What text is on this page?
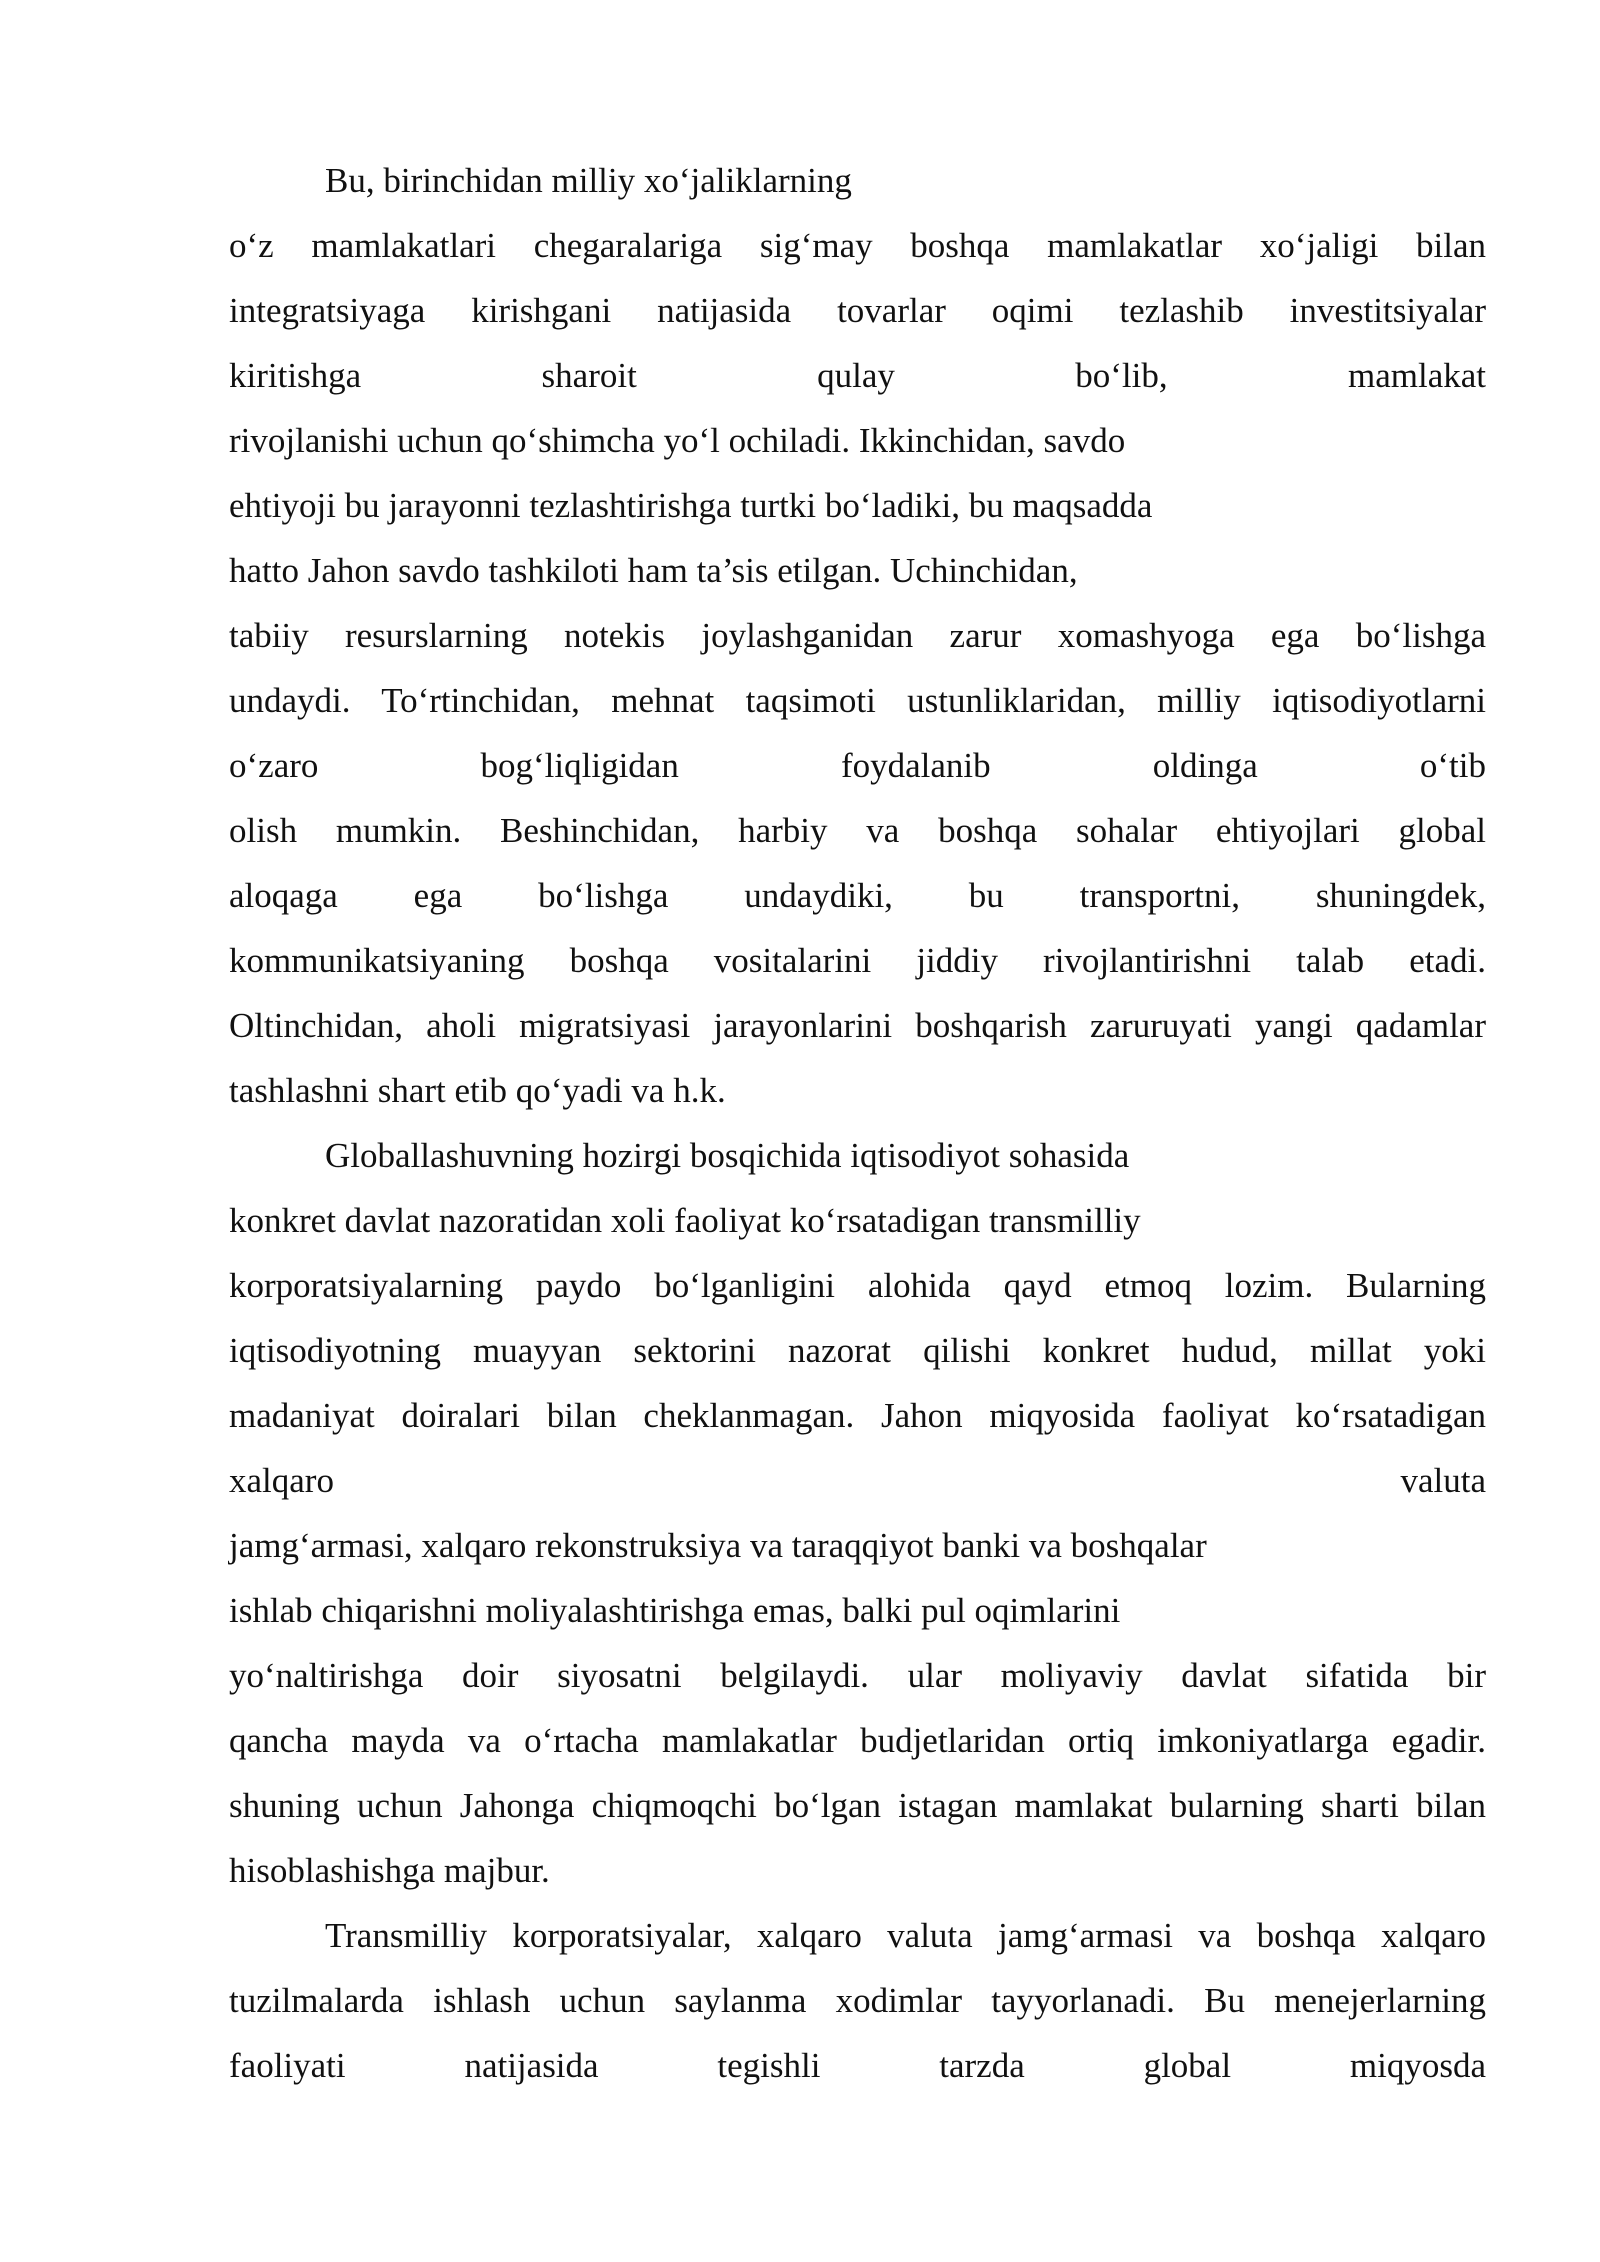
Bu, birinchidan milliy xo‘jaliklarning
o‘z mamlakatlari chegaralariga sig‘may boshqa mamlakatlar xo‘jaligi bilan
integratsiyaga kirishgani natijasida tovarlar oqimi tezlashib investitsiyalar
kiritishga sharoit qulay bo‘lib, mamlakat
rivojlanishi uchun qo‘shimcha yo‘l ochiladi. Ikkinchidan, savdo
ehtiyoji bu jarayonni tezlashtirishga turtki bo‘ladiki, bu maqsadda
hatto Jahon savdo tashkiloti ham ta’sis etilgan. Uchinchidan,
tabiiy resurslarning notekis joylashganidan zarur xomashyoga ega bo‘lishga
undaydi. To‘rtinchidan, mehnat taqsimoti ustunliklaridan, milliy iqtisodiyotlarni
o‘zaro bog‘liqligidan foydalanib oldinga o‘tib
olish mumkin. Beshinchidan, harbiy va boshqa sohalar ehtiyojlari global
aloqaga ega bo‘lishga undaydiki, bu transportni, shuningdek,
kommunikatsiyaning boshqa vositalarini jiddiy rivojlantirishni talab etadi.
Oltinchidan, aholi migratsiyasi jarayonlarini boshqarish zaruruyati yangi qadamlar
tashlashni shart etib qo‘yadi va h.k.
Globallashuvning hozirgi bosqichida iqtisodiyot sohasida
konkret davlat nazoratidan xoli faoliyat ko‘rsatadigan transmilliy
korporatsiyalarning paydo bo‘lganligini alohida qayd etmoq lozim. Bularning
iqtisodiyotning muayyan sektorini nazorat qilishi konkret hudud, millat yoki
madaniyat doiralari bilan cheklanmagan. Jahon miqyosida faoliyat ko‘rsatadigan
xalqaro valuta
jamg‘armasi, xalqaro rekonstruksiya va taraqqiyot banki va boshqalar
ishlab chiqarishni moliyalashtirishga emas, balki pul oqimlarini
yo‘naltirishga doir siyosatni belgilaydi. ular moliyaviy davlat sifatida bir
qancha mayda va o‘rtacha mamlakatlar budjetlaridan ortiq imkoniyatlarga egadir.
shuning uchun Jahonga chiqmoqchi bo‘lgan istagan mamlakat bularning sharti bilan
hisoblashishga majbur.
Transmilliy korporatsiyalar, xalqaro valuta jamg‘armasi va boshqa xalqaro
tuzilmalarda ishlash uchun saylanma xodimlar tayyorlanadi. Bu menejerlarning
faoliyati natijasida tegishli tarzda global miqyosda
